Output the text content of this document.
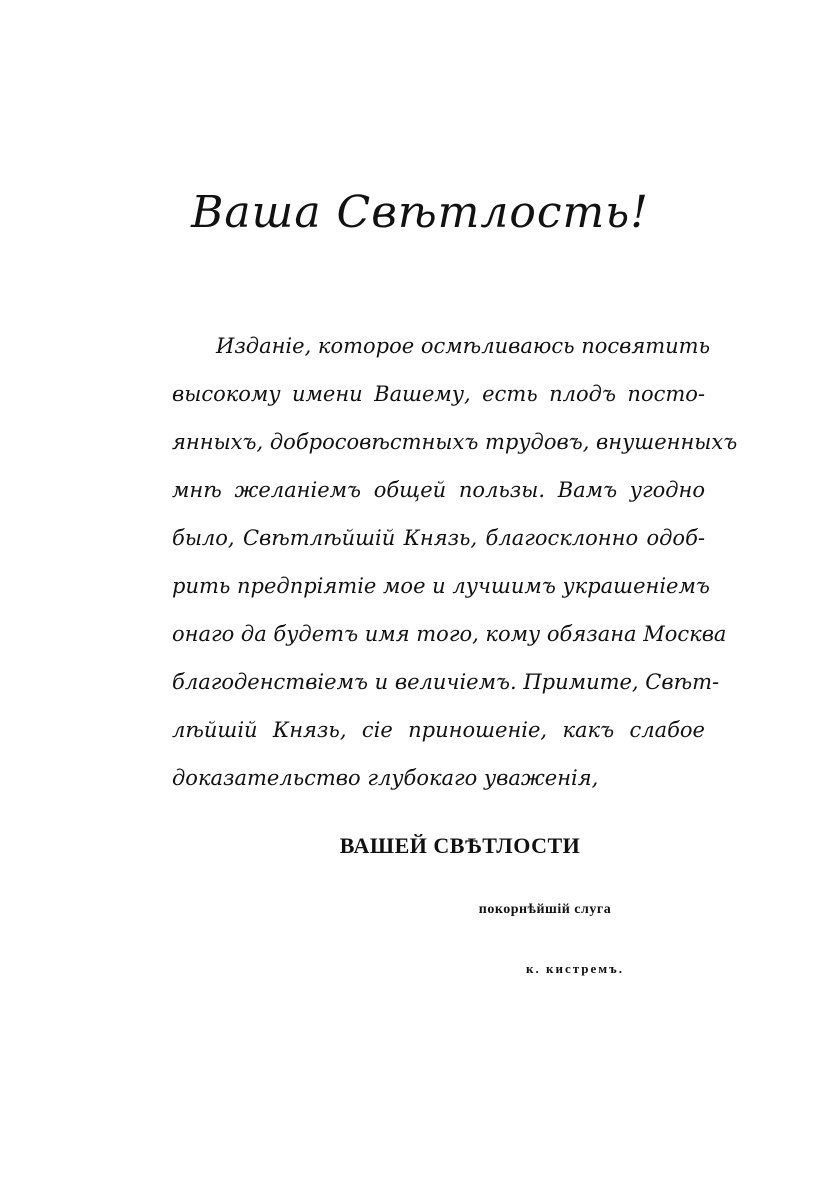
Ваша Свѣтлость!
Изданіе, которое осмѣливаюсь посвятить
высокому имени Вашему, есть плодъ посто-
янныхъ, добросовѣстныхъ трудовъ, внушенныхъ
мнѣ желаніемъ общей пользы. Вамъ угодно
было, Свѣтлѣйшій Князь, благосклонно одоб-
рить предпріятіе мое и лучшимъ украшеніемъ
онаго да будетъ имя того, кому обязана Москва
благоденствіемъ и величіемъ. Примите, Свѣт-
лѣйшій Князь, сіе приношеніе, какъ слабое
доказательство глубокаго уваженія,
ВАШЕЙ СВѢТЛОСТИ
покорнѣйшій слуга
к. кистремъ.
